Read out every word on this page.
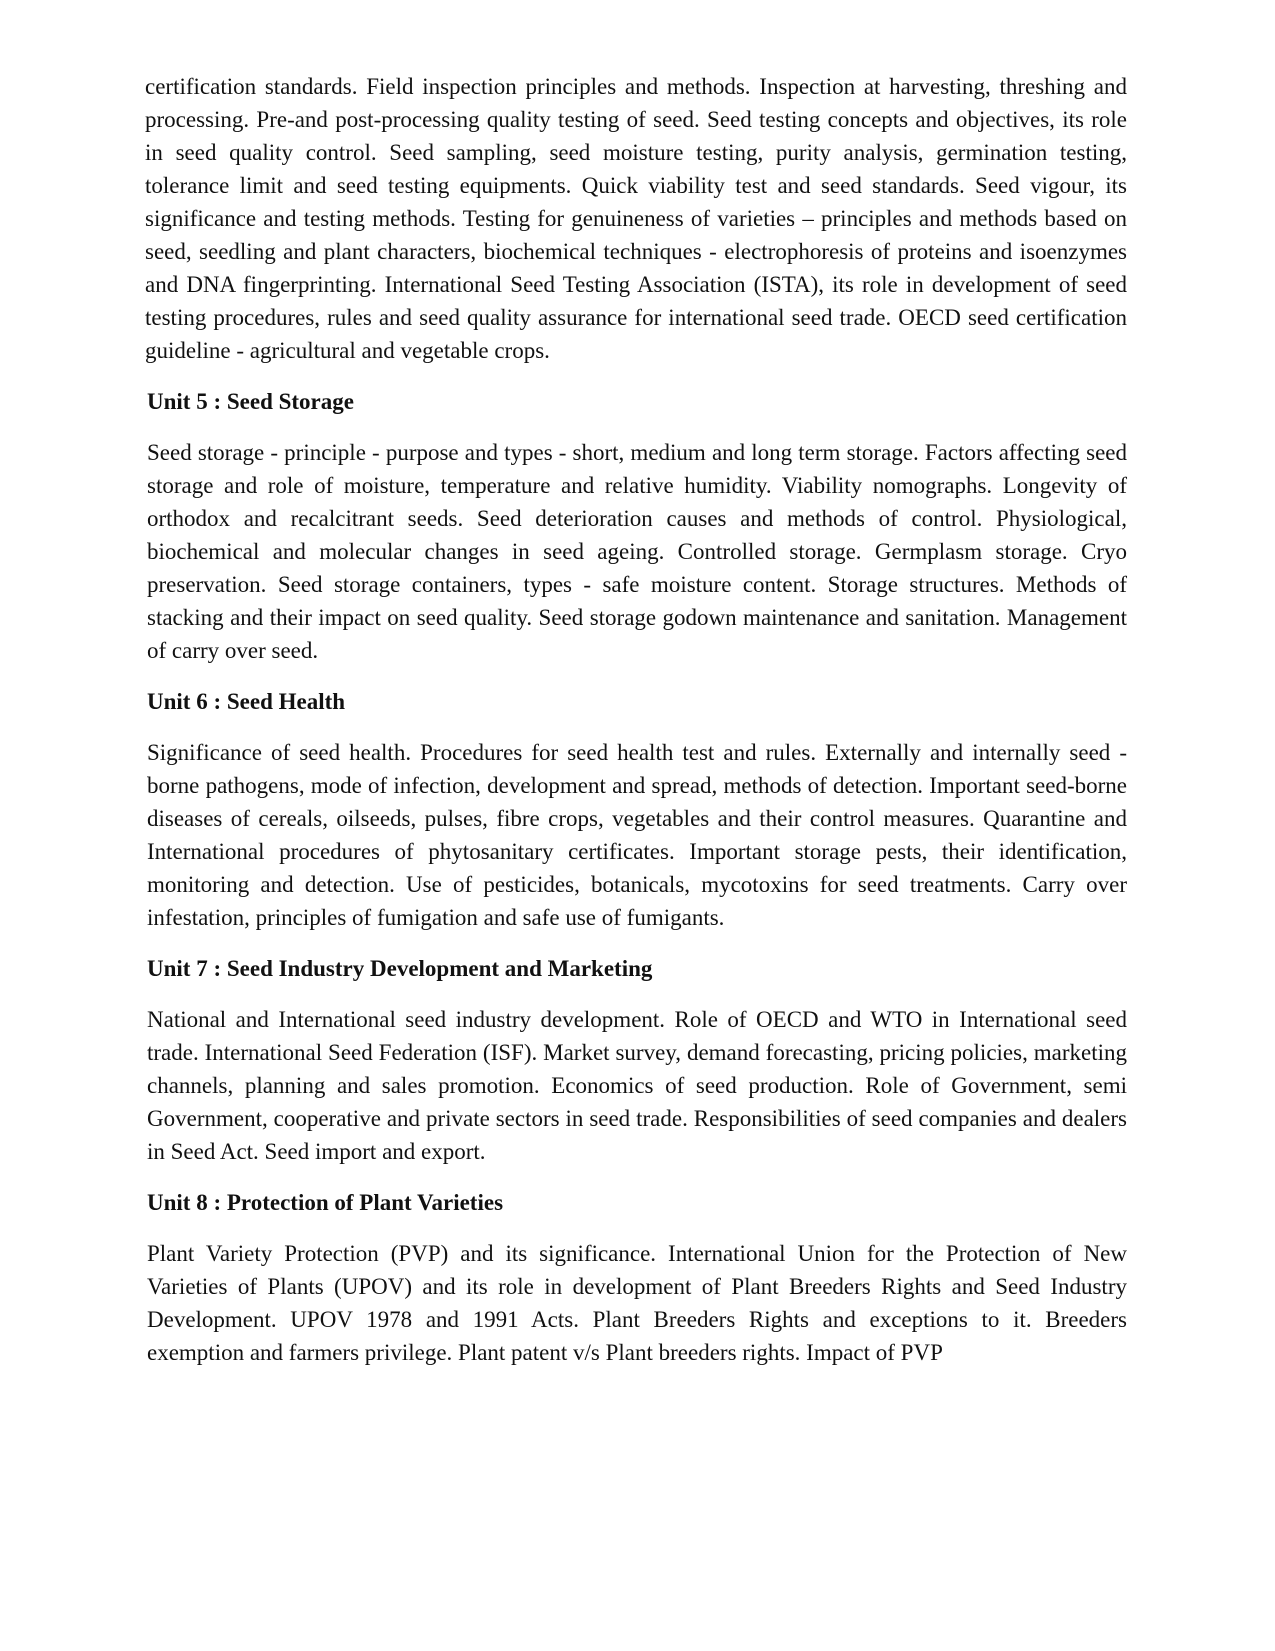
certification standards. Field inspection principles and methods. Inspection at harvesting, threshing and processing. Pre-and post-processing quality testing of seed. Seed testing concepts and objectives, its role in seed quality control. Seed sampling, seed moisture testing, purity analysis, germination testing, tolerance limit and seed testing equipments. Quick viability test and seed standards. Seed vigour, its significance and testing methods. Testing for genuineness of varieties – principles and methods based on seed, seedling and plant characters, biochemical techniques - electrophoresis of proteins and isoenzymes and DNA fingerprinting. International Seed Testing Association (ISTA), its role in development of seed testing procedures, rules and seed quality assurance for international seed trade. OECD seed certification guideline - agricultural and vegetable crops.

Unit 5 : Seed Storage

Seed storage - principle - purpose and types - short, medium and long term storage. Factors affecting seed storage and role of moisture, temperature and relative humidity. Viability nomographs. Longevity of orthodox and recalcitrant seeds. Seed deterioration causes and methods of control. Physiological, biochemical and molecular changes in seed ageing. Controlled storage. Germplasm storage. Cryo preservation. Seed storage containers, types - safe moisture content. Storage structures. Methods of stacking and their impact on seed quality. Seed storage godown maintenance and sanitation. Management of carry over seed.

Unit 6 : Seed Health

Significance of seed health. Procedures for seed health test and rules. Externally and internally seed - borne pathogens, mode of infection, development and spread, methods of detection. Important seed-borne diseases of cereals, oilseeds, pulses, fibre crops, vegetables and their control measures. Quarantine and International procedures of phytosanitary certificates. Important storage pests, their identification, monitoring and detection. Use of pesticides, botanicals, mycotoxins for seed treatments. Carry over infestation, principles of fumigation and safe use of fumigants.

Unit 7 : Seed Industry Development and Marketing

National and International seed industry development. Role of OECD and WTO in International seed trade. International Seed Federation (ISF). Market survey, demand forecasting, pricing policies, marketing channels, planning and sales promotion. Economics of seed production. Role of Government, semi Government, cooperative and private sectors in seed trade. Responsibilities of seed companies and dealers in Seed Act. Seed import and export.

Unit 8 : Protection of Plant Varieties

Plant Variety Protection (PVP) and its significance. International Union for the Protection of New Varieties of Plants (UPOV) and its role in development of Plant Breeders Rights and Seed Industry Development. UPOV 1978 and 1991 Acts. Plant Breeders Rights and exceptions to it. Breeders exemption and farmers privilege. Plant patent v/s Plant breeders rights. Impact of PVP
